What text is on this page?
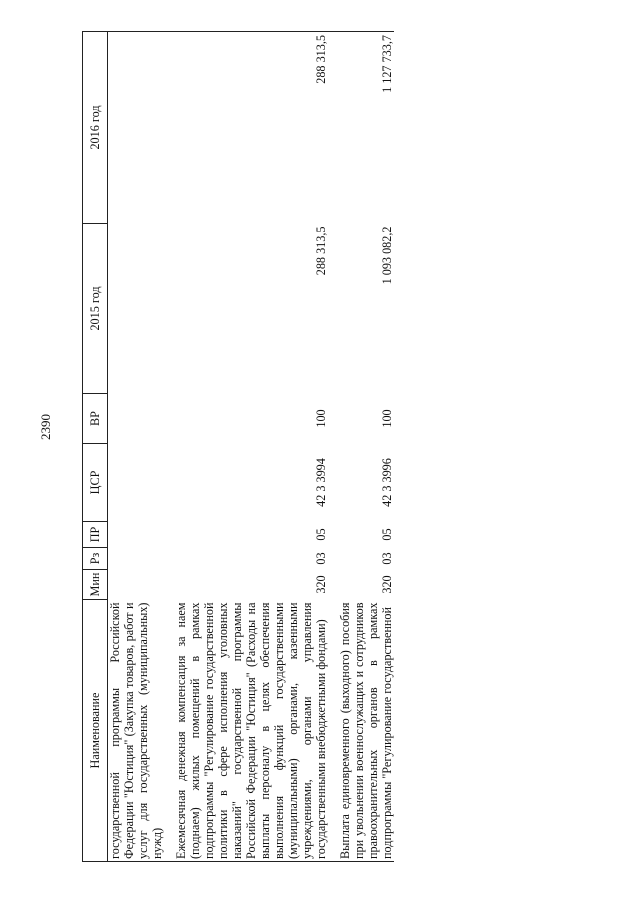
2390
Наименование	Мин	Рз	ПР	ЦСР	ВР	2015 год	2016 год
государственной программы Российской Федерации "Юстиция" (Закупка товаров, работ и услуг для государственных (муниципальных) нужд)							

Ежемесячная денежная компенсация за наем (поднаем) жилых помещений в рамках подпрограммы "Регулирование государственной политики в сфере исполнения уголовных наказаний" государственной программы Российской Федерации "Юстиция" (Расходы на выплаты персоналу в целях обеспечения выполнения функций государственными (муниципальными) органами, казенными учреждениями, органами управления государственными внебюджетными фондами)	320	03	05	42 3 3994	100	288 313,5	288 313,5

Выплата единовременного (выходного) пособия при увольнении военнослужащих и сотрудников правоохранительных органов в рамках подпрограммы "Регулирование государственной	320	03	05	42 3 3996	100	1 093 082,2	1 127 733,7
